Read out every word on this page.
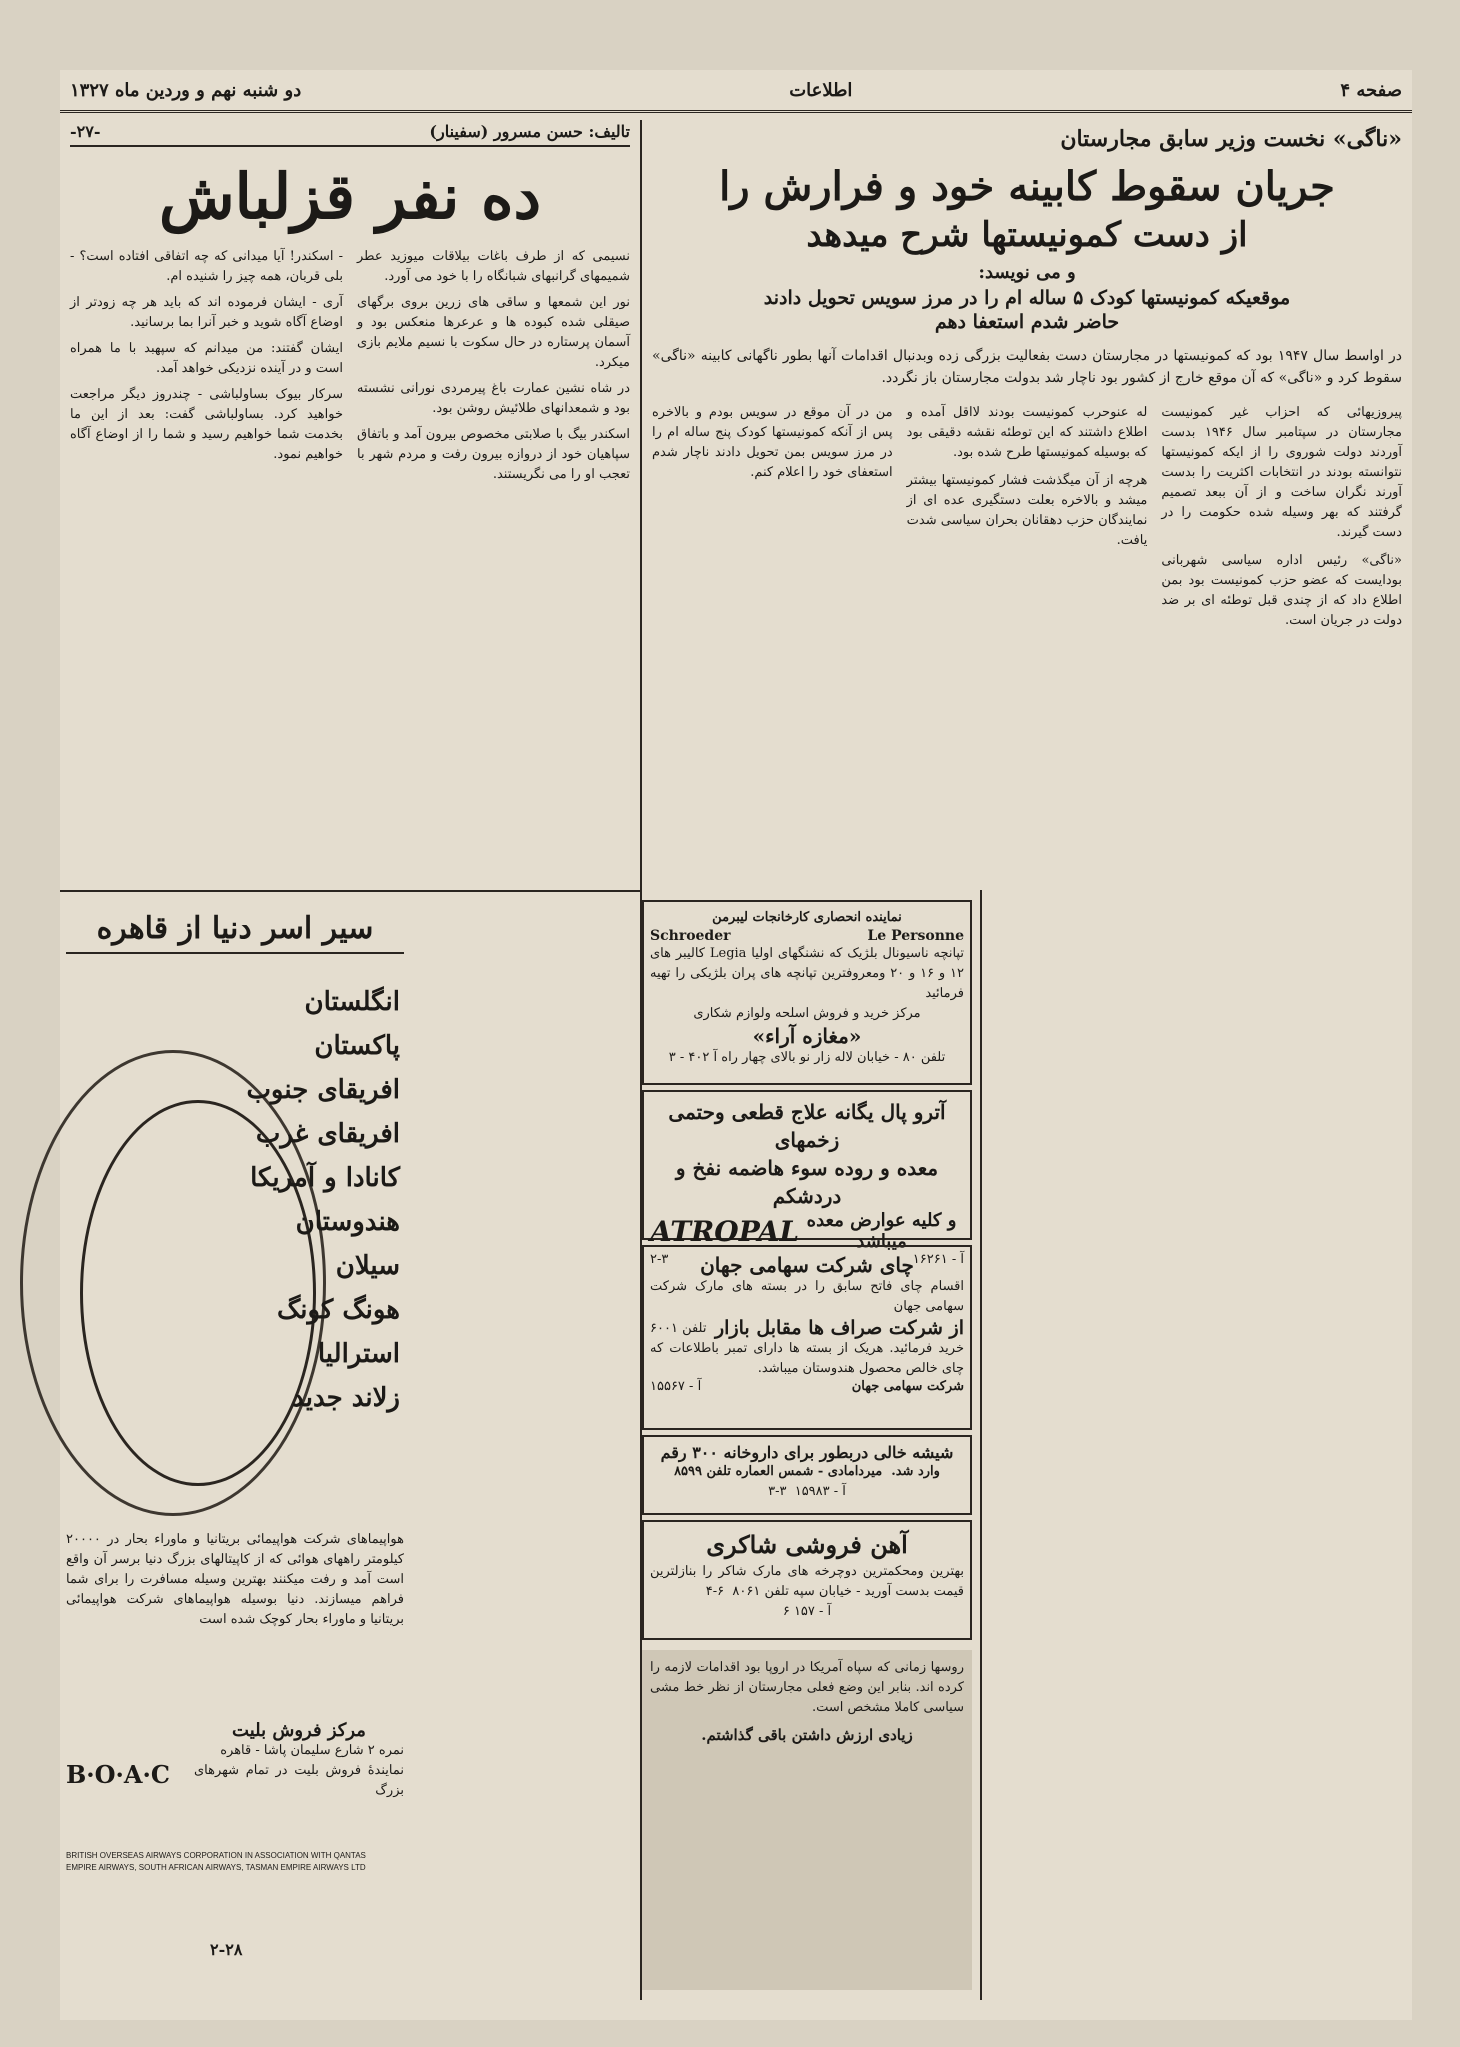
صفحه ۴
اطلاعات
دو شنبه نهم و وردین ماه ۱۳۲۷
«ناگی» نخست وزیر سابق مجارستان
جریان سقوط کابینه خود و فرارش را
از دست کمونیستها شرح میدهد
و می نویسد:
موقعیکه کمونیستها کودک ۵ ساله ام را در مرز سویس تحویل دادند
حاضر شدم استعفا دهم
در اواسط سال ۱۹۴۷ بود که کمونیستها در مجارستان دست بفعالیت بزرگی زده وبدنبال اقدامات آنها بطور ناگهانی کابینه «ناگی» سقوط کرد و «ناگی» که آن موقع خارج از کشور بود ناچار شد بدولت مجارستان باز نگردد.
پیروزیهائی که احزاب غیر کمونیست مجارستان در سپتامبر سال ۱۹۴۶ بدست آوردند دولت شوروی را از ایکه کمونیستها نتوانسته بودند در انتخابات اکثریت را بدست آورند نگران ساخت و از آن ببعد تصمیم گرفتند که بهر وسیله شده حکومت را در دست گیرند.
«ناگی» رئیس اداره سیاسی شهربانی بودایست که عضو حزب کمونیست بود بمن اطلاع داد که از چندی قبل توطئه ای بر ضد دولت در جریان است.
له عنوحرب کمونیست بودند لااقل آمده و اطلاع داشتند که این توطئه نقشه دقیقی بود که بوسیله کمونیستها طرح شده بود.
هرچه از آن میگذشت فشار کمونیستها بیشتر میشد و بالاخره بعلت دستگیری عده ای از نمایندگان حزب دهقانان بحران سیاسی شدت یافت.
من در آن موقع در سویس بودم و بالاخره پس از آنکه کمونیستها کودک پنج ساله ام را در مرز سویس بمن تحویل دادند ناچار شدم استعفای خود را اعلام کنم.
تالیف: حسن مسرور (سفینار)
-۲۷-
ده نفر قزلباش
نسیمی که از طرف باغات بیلاقات میوزید عطر شمیمهای گرانبهای شبانگاه را با خود می آورد.
نور این شمعها و ساقی های زرین بروی برگهای صیقلی شده کبوده ها و عرعرها منعکس بود و آسمان پرستاره در حال سکوت با نسیم ملایم بازی میکرد.
در شاه نشین عمارت باغ پیرمردی نورانی نشسته بود و شمعدانهای طلائیش روشن بود.
اسکندر بیگ با صلابتی مخصوص بیرون آمد و باتفاق سپاهیان خود از دروازه بیرون رفت و مردم شهر با تعجب او را می نگریستند.
- اسکندر! آیا میدانی که چه اتفاقی افتاده است؟ - بلی قربان، همه چیز را شنیده ام.
آری - ایشان فرموده اند که باید هر چه زودتر از اوضاع آگاه شوید و خبر آنرا بما برسانید.
ایشان گفتند: من میدانم که سپهبد با ما همراه است و در آینده نزدیکی خواهد آمد.
سرکار بیوک بساولباشی - چندروز دیگر مراجعت خواهید کرد. بساولباشی گفت: بعد از این ما بخدمت شما خواهیم رسید و شما را از اوضاع آگاه خواهیم نمود.
نماینده انحصاری کارخانجات لیبرمن
Schroeder	Le Personne
تپانچه ناسیونال بلژیک که نشنگهای اولیا Legia کالیبر های ۱۲ و ۱۶ و ۲۰ ومعروفترین تپانچه های پران بلژیکی را تهیه فرمائید
مرکز خرید و فروش اسلحه ولوازم شکاری
«مغازه آراء»
تلفن ۸۰ - خیابان لاله زار نو بالای چهار راه آ ۴۰۲ - ۳
آترو پال یگانه علاج قطعی وحتمی زخمهای
معده و روده سوء هاضمه نفخ و دردشکم
و کلیه عوارض معده میباشد
ATROPAL
آ - ۱۶۲۶۱
۲-۳	چای شرکت سهامی جهان
اقسام چای فاتح سابق را در بسته های مارک شرکت سهامی جهان
از شرکت صراف ها مقابل بازار
تلفن ۶۰۰۱
خرید فرمائید. هریک از بسته ها دارای تمبر باطلاعات که چای خالص محصول هندوستان میباشد.
شرکت سهامی جهان
آ - ۱۵۵۶۷
شیشه خالی دربطور برای داروخانه ۳۰۰ رقم
وارد شد.  میردامادی - شمس العماره تلفن ۸۵۹۹
آ - ۱۵۹۸۳  ۳-۳
آهن فروشی شاکری
بهترین ومحکمترین دوچرخه های مارک شاکر را بنازلترین قیمت بدست آورید - خیابان سپه تلفن ۸۰۶۱  ۶-۴
آ - ۱۵۷ ۶
روسها زمانی که سپاه آمریکا در اروپا بود اقدامات لازمه را کرده اند. بنابر این وضع فعلی مجارستان از نظر خط مشی سیاسی کاملا مشخص است.
زیادی ارزش داشتن باقی گذاشتم.
سیر اسر دنیا از قاهره
انگلستان
پاکستان
افریقای جنوب
افریقای غرب
کانادا و آمریکا
هندوستان
سیلان
هونگ کونگ
استرالیا
زلاند جدید
هواپیماهای شرکت هواپیمائی بریتانیا و ماوراء بحار در ۲۰۰۰۰ کیلومتر راههای هوائی که از کاپیتالهای بزرگ دنیا برسر آن واقع است آمد و رفت میکنند بهترین وسیله مسافرت را برای شما فراهم میسازند. دنیا بوسیله هواپیماهای شرکت هواپیمائی بریتانیا و ماوراء بحار کوچک شده است
مرکز فروش بلیت
نمره ۲ شارع سلیمان پاشا - قاهره
نمایندهٔ فروش بلیت در تمام شهرهای بزرگ
B·O·A·C
BRITISH OVERSEAS AIRWAYS CORPORATION IN ASSOCIATION WITH QANTAS
EMPIRE AIRWAYS, SOUTH AFRICAN AIRWAYS, TASMAN EMPIRE AIRWAYS LTD
۲-۲۸
